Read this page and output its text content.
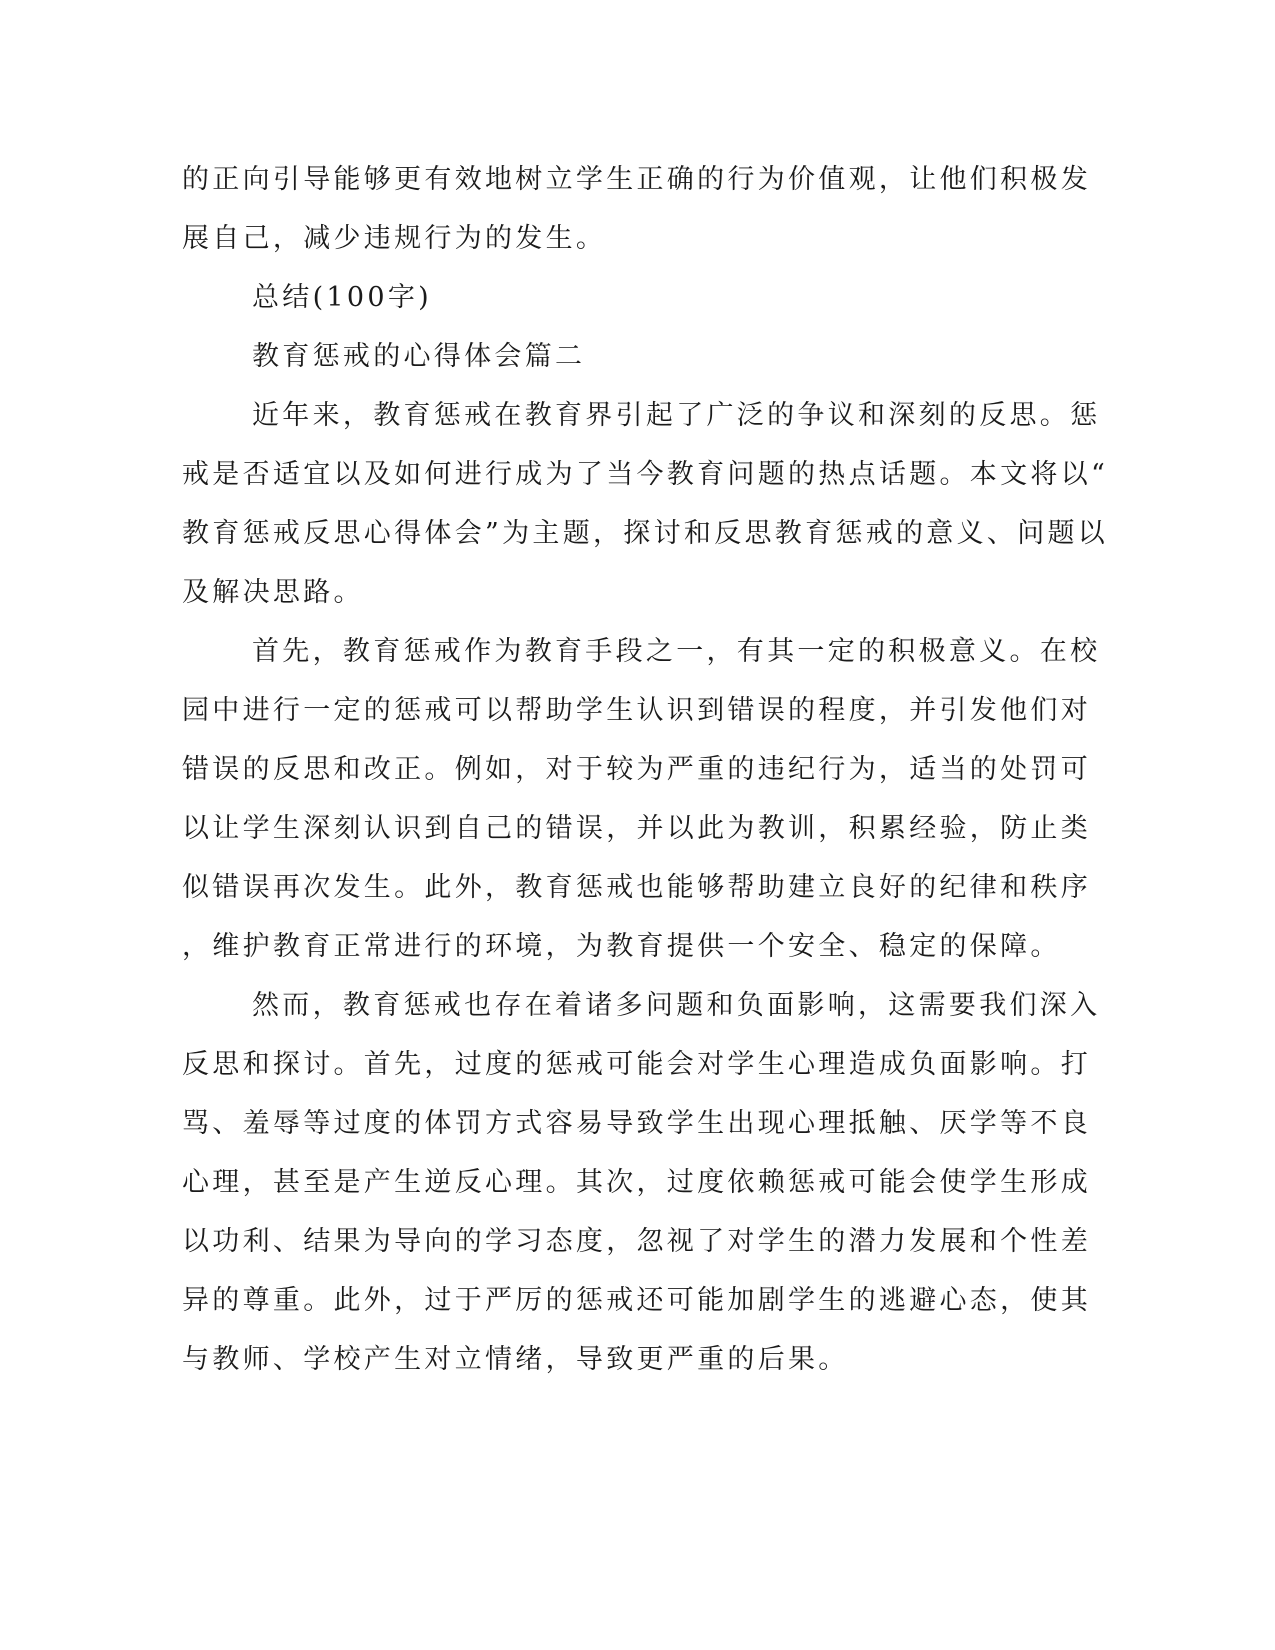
的正向引导能够更有效地树立学生正确的行为价值观，让他们积极发
展自己，减少违规行为的发生。
总结(100字)
教育惩戒的心得体会篇二
近年来，教育惩戒在教育界引起了广泛的争议和深刻的反思。惩
戒是否适宜以及如何进行成为了当今教育问题的热点话题。本文将以“
教育惩戒反思心得体会”为主题，探讨和反思教育惩戒的意义、问题以
及解决思路。
首先，教育惩戒作为教育手段之一，有其一定的积极意义。在校
园中进行一定的惩戒可以帮助学生认识到错误的程度，并引发他们对
错误的反思和改正。例如，对于较为严重的违纪行为，适当的处罚可
以让学生深刻认识到自己的错误，并以此为教训，积累经验，防止类
似错误再次发生。此外，教育惩戒也能够帮助建立良好的纪律和秩序
，维护教育正常进行的环境，为教育提供一个安全、稳定的保障。
然而，教育惩戒也存在着诸多问题和负面影响，这需要我们深入
反思和探讨。首先，过度的惩戒可能会对学生心理造成负面影响。打
骂、羞辱等过度的体罚方式容易导致学生出现心理抵触、厌学等不良
心理，甚至是产生逆反心理。其次，过度依赖惩戒可能会使学生形成
以功利、结果为导向的学习态度，忽视了对学生的潜力发展和个性差
异的尊重。此外，过于严厉的惩戒还可能加剧学生的逃避心态，使其
与教师、学校产生对立情绪，导致更严重的后果。
